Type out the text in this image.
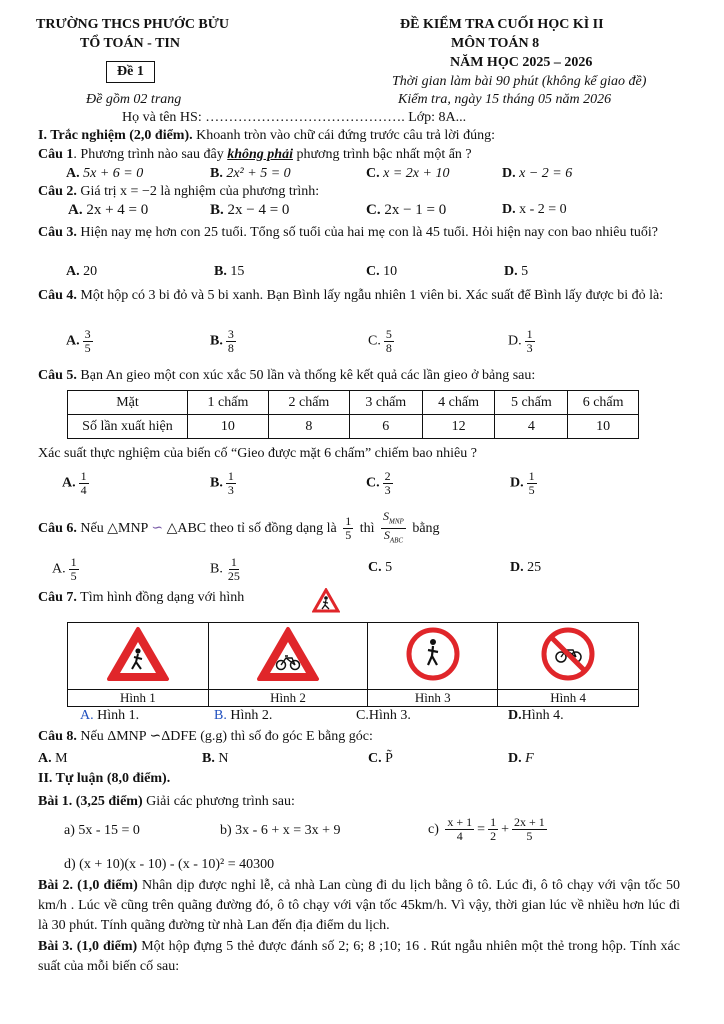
TRƯỜNG THCS PHƯỚC BỬU
TỔ TOÁN - TIN
ĐỀ KIỂM TRA CUỐI HỌC KÌ II
MÔN TOÁN 8
NĂM HỌC 2025 – 2026
Đề 1
Thời gian làm bài 90 phút (không kể giao đề)
Đề gồm 02 trang	Kiểm tra, ngày 15 tháng 05 năm 2026
Họ và tên HS: ……………………………………. Lớp: 8A...
I. Trắc nghiệm (2,0 điểm). Khoanh tròn vào chữ cái đứng trước câu trả lời đúng:
Câu 1. Phương trình nào sau đây không phải phương trình bậc nhất một ẩn ?
A. 5x + 6 = 0	B. 2x² + 5 = 0	C. x = 2x + 10	D. x − 2 = 6
Câu 2. Giá trị x = −2 là nghiệm của phương trình:
A. 2x + 4 = 0	B. 2x − 4 = 0	C. 2x − 1 = 0	D. x - 2 = 0
Câu 3. Hiện nay mẹ hơn con 25 tuổi. Tổng số tuổi của hai mẹ con là 45 tuổi. Hỏi hiện nay con bao nhiêu tuổi?
A. 20	B. 15	C. 10	D. 5
Câu 4. Một hộp có 3 bi đỏ và 5 bi xanh. Bạn Bình lấy ngẫu nhiên 1 viên bi. Xác suất để Bình lấy được bi đỏ là:
A. $\frac{3}{5}$	B. $\frac{3}{8}$	C. $\frac{5}{8}$	D. $\frac{1}{3}$
Câu 5. Bạn An gieo một con xúc xắc 50 lần và thống kê kết quả các lần gieo ở bảng sau:
Mặt	1 chấm	2 chấm	3 chấm	4 chấm	5 chấm	6 chấm
Số lần xuất hiện	10	8	6	12	4	10
Xác suất thực nghiệm của biến cố “Gieo được mặt 6 chấm” chiếm bao nhiêu ?
A. $\frac{1}{4}$	B. $\frac{1}{3}$	C. $\frac{2}{3}$	D. $\frac{1}{5}$
Câu 6. Nếu △MNP ∽ △ABC theo tỉ số đồng dạng là $\frac{1}{5}$ thì $\frac{S_{MNP}}{S_{ABC}}$ bằng
A. $\frac{1}{5}$	B. $\frac{1}{25}$	C. 5	D. 25
Câu 7. Tìm hình đồng dạng với hình

Hình 1	Hình 2	Hình 3	Hình 4
A. Hình 1.	B. Hình 2.	C.Hình 3.	D.Hình 4.
Câu 8. Nếu ΔMNP ∽ΔDFE (g.g) thì số đo góc E bằng góc:
A. M	B. N	C. P̃	D. F
II. Tự luận (8,0 điểm).
Bài 1. (3,25 điểm) Giải các phương trình sau:
a) 5x - 15 = 0	b) 3x - 6 + x = 3x + 9	$c) \frac{x + 1}{4} = \frac{1}{2} + \frac{2x + 1}{5}$
d) (x + 10)(x - 10) - (x - 10)² = 40300
Bài 2. (1,0 điểm) Nhân dịp được nghỉ lễ, cả nhà Lan cùng đi du lịch bằng ô tô. Lúc đi, ô tô chạy với vận tốc 50 km/h . Lúc về cũng trên quãng đường đó, ô tô chạy với vận tốc 45km/h. Vì vậy, thời gian lúc về nhiều hơn lúc đi là 30 phút. Tính quãng đường từ nhà Lan đến địa điểm du lịch.
Bài 3. (1,0 điểm) Một hộp đựng 5 thẻ được đánh số 2; 6; 8 ;10; 16 . Rút ngẫu nhiên một thẻ trong hộp. Tính xác suất của mỗi biến cố sau:
